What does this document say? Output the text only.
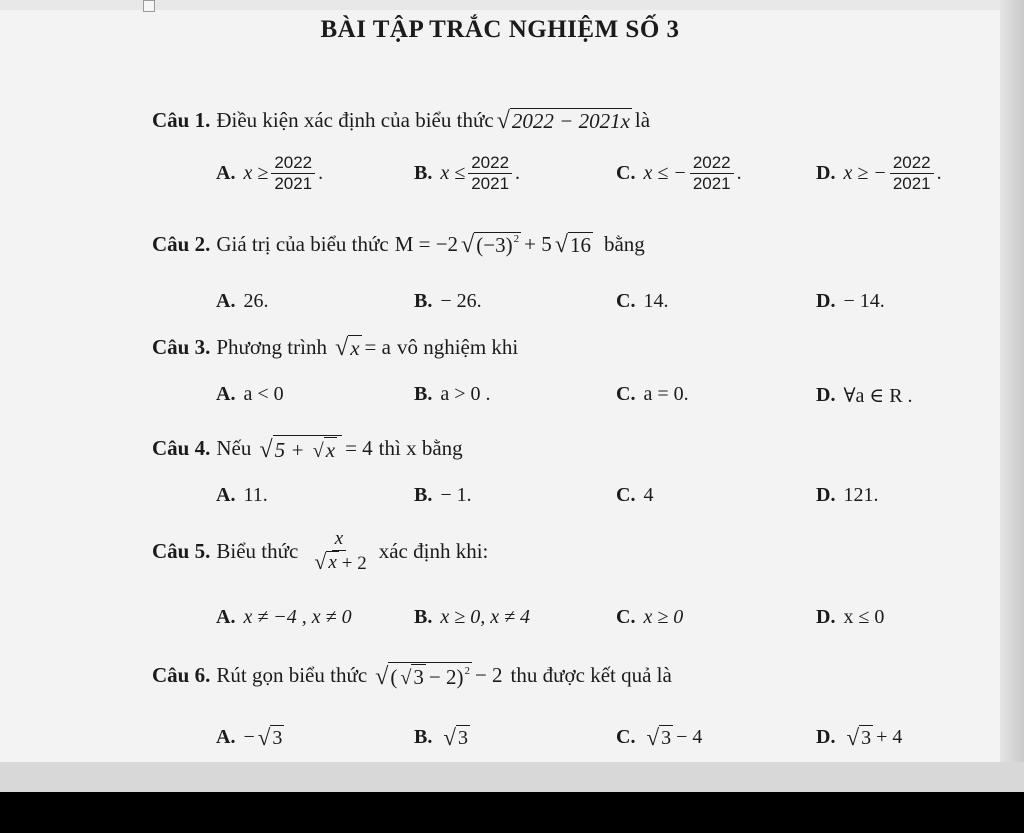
BÀI TẬP TRẮC NGHIỆM SỐ 3
Câu 1. Điều kiện xác định của biểu thức √ 2022 − 2021x là
A. $x \ge \frac{2022}{2021}$ .	B. $x \le \frac{2022}{2021}$ .	C. x ≤ − $\frac{2022}{2021}$ .	D. x ≥ − $\frac{2022}{2021}$ .
Câu 2. Giá trị của biểu thức M = −2 √ $(-3)^2 + 5$ √ 16 bằng
A. 26.	B. − 26.	C. 14.	D. − 14.
Câu 3. Phương trình √ x = a vô nghiệm khi
A. a < 0	B. a > 0 .	C. a = 0.	D. ∀a ∈ R .
Câu 4. Nếu √ 5 + √ x = 4 thì x bằng
A. 11.	B. − 1.	C. 4	D. 121.
Câu 5. Biểu thức $\frac{x}{√ x + 2}$ xác định khi:
A. x ≠ −4 , x ≠ 0	B. x ≥ 0, x ≠ 4	C. x ≥ 0	D. x ≤ 0
Câu 6. Rút gọn biểu thức √ ( √ 3 − 2)$^2$ − 2 thu được kết quả là
A. − √ 3	B. √ 3	C. √ 3 − 4	D. √ 3 + 4
